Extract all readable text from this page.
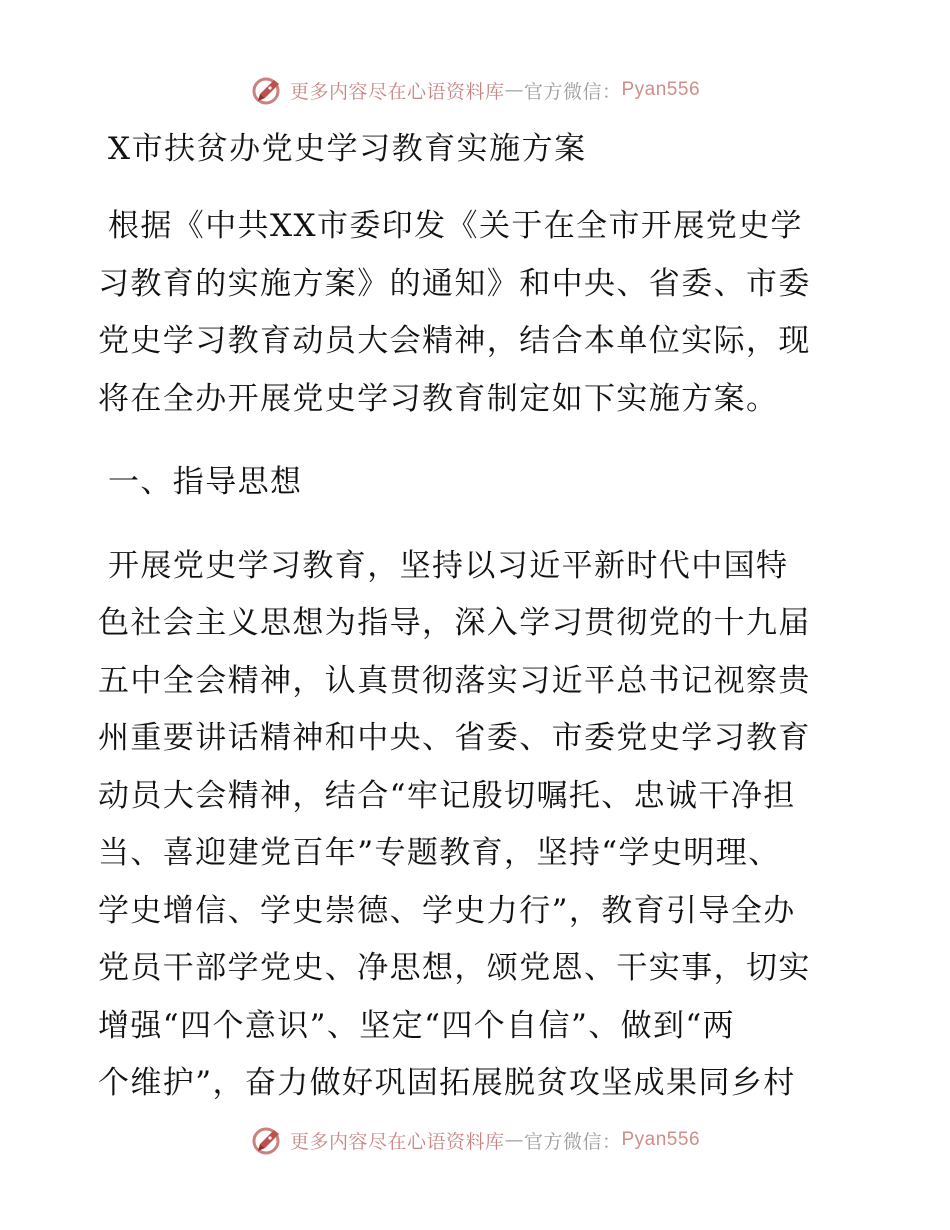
更多内容尽在心语资料库 — 官方微信： Pyan556
X市扶贫办党史学习教育实施方案

根据《中共XX市委印发《关于在全市开展党史学
习教育的实施方案》的通知》和中央、省委、市委
党史学习教育动员大会精神，结合本单位实际，现
将在全办开展党史学习教育制定如下实施方案。

一、指导思想

开展党史学习教育，坚持以习近平新时代中国特
色社会主义思想为指导，深入学习贯彻党的十九届
五中全会精神，认真贯彻落实习近平总书记视察贵
州重要讲话精神和中央、省委、市委党史学习教育
动员大会精神，结合“牢记殷切嘱托、忠诚干净担
当、喜迎建党百年”专题教育，坚持“学史明理、
学史增信、学史崇德、学史力行”，教育引导全办
党员干部学党史、净思想，颂党恩、干实事，切实
增强“四个意识”、坚定“四个自信”、做到“两
个维护”，奋力做好巩固拓展脱贫攻坚成果同乡村

更多内容尽在心语资料库 — 官方微信： Pyan556
